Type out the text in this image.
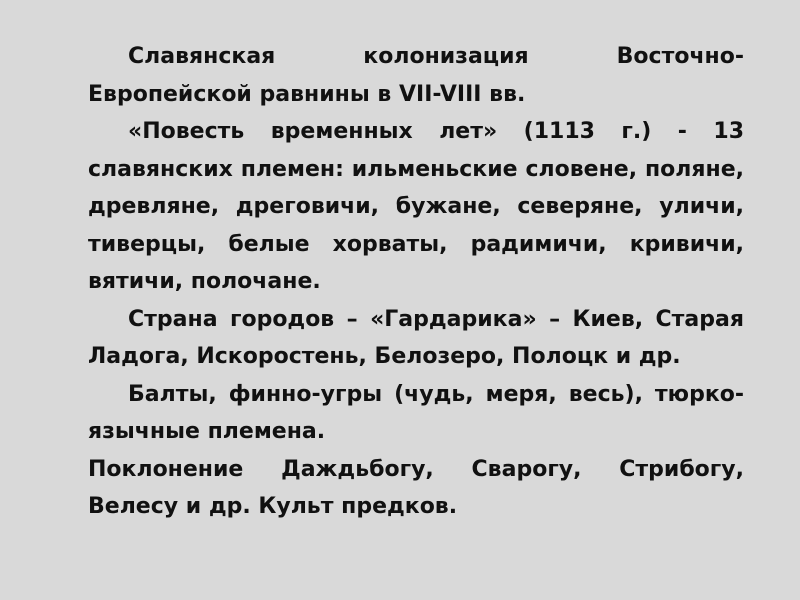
Славянская колонизация Восточно-Европейской равнины в VII-VIII вв.

«Повесть временных лет» (1113 г.) - 13 славянских племен: ильменьские словене, поляне, древляне, дреговичи, бужане, северяне, уличи, тиверцы, белые хорваты, радимичи, кривичи, вятичи, полочане.

Страна городов – «Гардарика» – Киев, Старая Ладога, Искоростень, Белозеро, Полоцк и др.

Балты, финно-угры (чудь, меря, весь), тюрко-язычные племена.

Поклонение Даждьбогу, Сварогу, Стрибогу, Велесу и др. Культ предков.
